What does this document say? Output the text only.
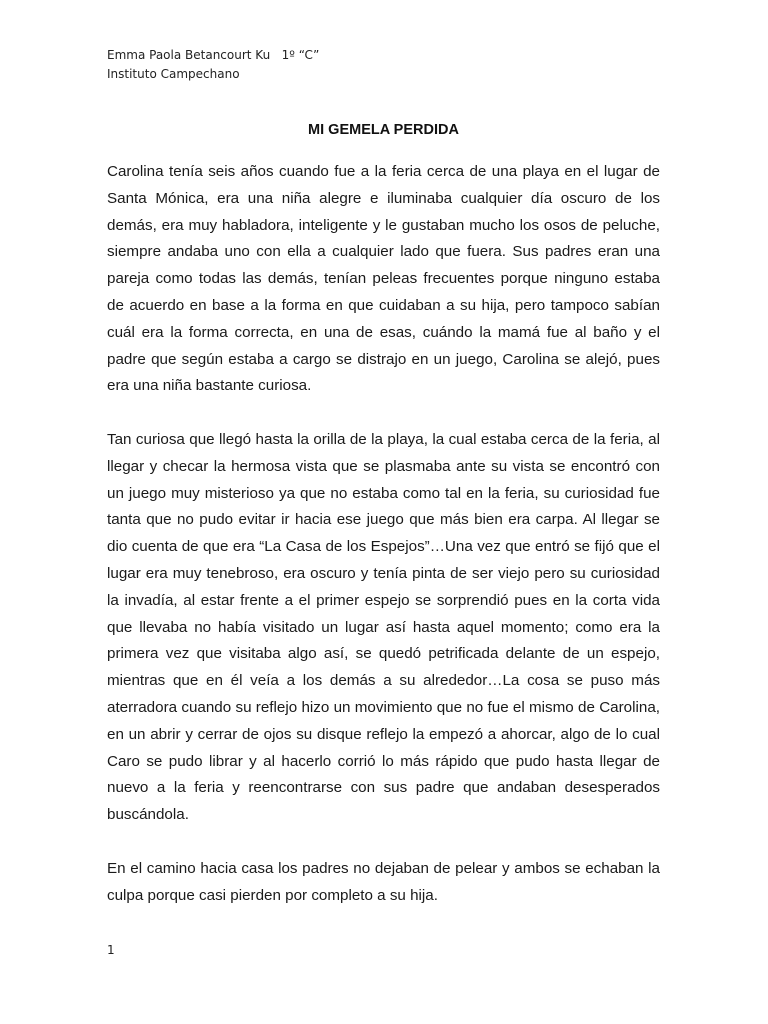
Emma Paola Betancourt Ku   1º “C”
Instituto Campechano
MI GEMELA PERDIDA

Carolina tenía seis años cuando fue a la feria cerca de una playa en el lugar de Santa Mónica, era una niña alegre e iluminaba cualquier día oscuro de los demás, era muy habladora, inteligente y le gustaban mucho los osos de peluche, siempre andaba uno con ella a cualquier lado que fuera. Sus padres eran una pareja como todas las demás, tenían peleas frecuentes porque ninguno estaba de acuerdo en base a la forma en que cuidaban a su hija, pero tampoco sabían cuál era la forma correcta, en una de esas, cuándo la mamá fue al baño y el padre que según estaba a cargo se distrajo en un juego, Carolina se alejó, pues era una niña bastante curiosa.

Tan curiosa que llegó hasta la orilla de la playa, la cual estaba cerca de la feria, al llegar y checar la hermosa vista que se plasmaba ante su vista se encontró con un juego muy misterioso ya que no estaba como tal en la feria, su curiosidad fue tanta que no pudo evitar ir hacia ese juego que más bien era carpa. Al llegar se dio cuenta de que era “La Casa de los Espejos”…Una vez que entró se fijó que el lugar era muy tenebroso, era oscuro y tenía pinta de ser viejo pero su curiosidad la invadía, al estar frente a el primer espejo se sorprendió pues en la corta vida que llevaba no había visitado un lugar así hasta aquel momento; como era la primera vez que visitaba algo así, se quedó petrificada delante de un espejo, mientras que en él veía a los demás a su alrededor…La cosa se puso más aterradora cuando su reflejo hizo un movimiento que no fue el mismo de Carolina, en un abrir y cerrar de ojos su disque reflejo la empezó a ahorcar, algo de lo cual Caro se pudo librar y al hacerlo corrió lo más rápido que pudo hasta llegar de nuevo a la feria y reencontrarse con sus padre que andaban desesperados buscándola.

En el camino hacia casa los padres no dejaban de pelear y ambos se echaban la culpa porque casi pierden por completo a su hija.

1
